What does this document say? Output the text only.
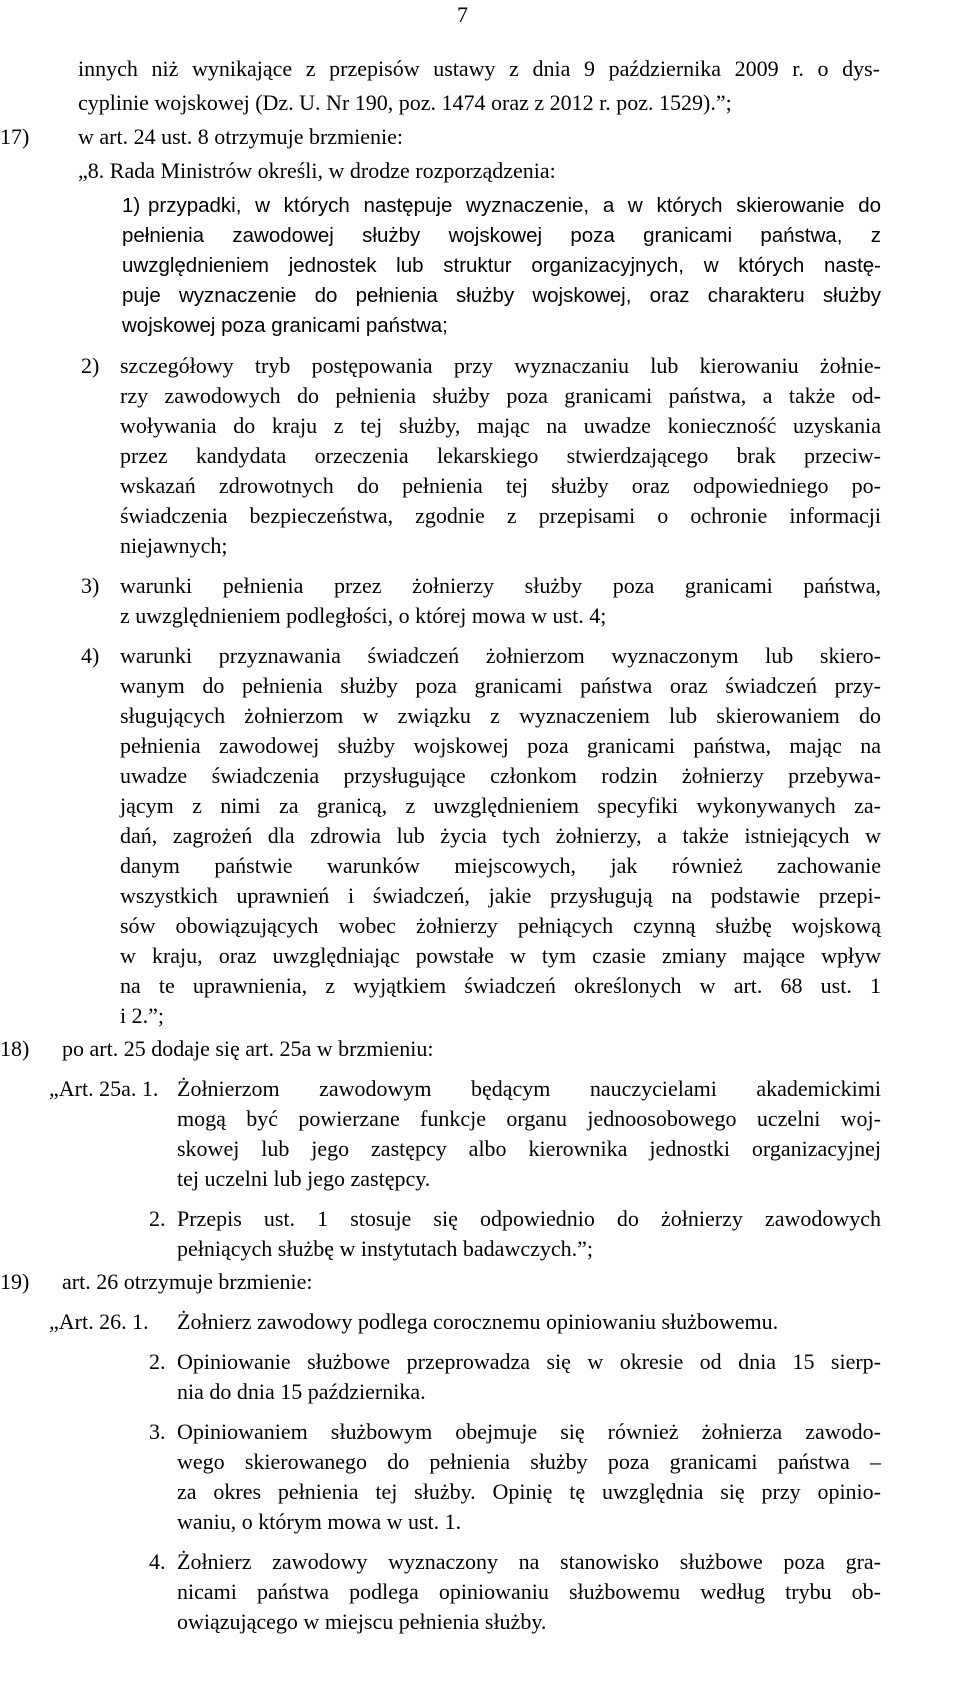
7
innych niż wynikające z przepisów ustawy z dnia 9 października 2009 r. o dys-
cyplinie wojskowej (Dz. U. Nr 190, poz. 1474 oraz z 2012 r. poz. 1529).”;
17) w art. 24 ust. 8 otrzymuje brzmienie:
„8. Rada Ministrów określi, w drodze rozporządzenia:
1) przypadki, w których następuje wyznaczenie, a w których skierowanie do
pełnienia zawodowej służby wojskowej poza granicami państwa, z
uwzględnieniem jednostek lub struktur organizacyjnych, w których nastę-
puje wyznaczenie do pełnienia służby wojskowej, oraz charakteru służby
wojskowej poza granicami państwa;
2) szczegółowy tryb postępowania przy wyznaczaniu lub kierowaniu żołnie-
rzy zawodowych do pełnienia służby poza granicami państwa, a także od-
woływania do kraju z tej służby, mając na uwadze konieczność uzyskania
przez kandydata orzeczenia lekarskiego stwierdzającego brak przeciw-
wskazań zdrowotnych do pełnienia tej służby oraz odpowiedniego po-
świadczenia bezpieczeństwa, zgodnie z przepisami o ochronie informacji
niejawnych;
3) warunki pełnienia przez żołnierzy służby poza granicami państwa,
z uwzględnieniem podległości, o której mowa w ust. 4;
4) warunki przyznawania świadczeń żołnierzom wyznaczonym lub skiero-
wanym do pełnienia służby poza granicami państwa oraz świadczeń przy-
sługujących żołnierzom w związku z wyznaczeniem lub skierowaniem do
pełnienia zawodowej służby wojskowej poza granicami państwa, mając na
uwadze świadczenia przysługujące członkom rodzin żołnierzy przebywa-
jącym z nimi za granicą, z uwzględnieniem specyfiki wykonywanych za-
dań, zagrożeń dla zdrowia lub życia tych żołnierzy, a także istniejących w
danym państwie warunków miejscowych, jak również zachowanie
wszystkich uprawnień i świadczeń, jakie przysługują na podstawie przepi-
sów obowiązujących wobec żołnierzy pełniących czynną służbę wojskową
w kraju, oraz uwzględniając powstałe w tym czasie zmiany mające wpływ
na te uprawnienia, z wyjątkiem świadczeń określonych w art. 68 ust. 1
i 2.”;
18) po art. 25 dodaje się art. 25a w brzmieniu:
„Art. 25a. 1. Żołnierzom zawodowym będącym nauczycielami akademickimi
mogą być powierzane funkcje organu jednoosobowego uczelni woj-
skowej lub jego zastępcy albo kierownika jednostki organizacyjnej
tej uczelni lub jego zastępcy.
2. Przepis ust. 1 stosuje się odpowiednio do żołnierzy zawodowych
pełniących służbę w instytutach badawczych.”;
19) art. 26 otrzymuje brzmienie:
„Art. 26. 1. Żołnierz zawodowy podlega corocznemu opiniowaniu służbowemu.
2. Opiniowanie służbowe przeprowadza się w okresie od dnia 15 sierp-
nia do dnia 15 października.
3. Opiniowaniem służbowym obejmuje się również żołnierza zawodo-
wego skierowanego do pełnienia służby poza granicami państwa –
za okres pełnienia tej służby. Opinię tę uwzględnia się przy opinio-
waniu, o którym mowa w ust. 1.
4. Żołnierz zawodowy wyznaczony na stanowisko służbowe poza gra-
nicami państwa podlega opiniowaniu służbowemu według trybu ob-
owiązującego w miejscu pełnienia służby.
